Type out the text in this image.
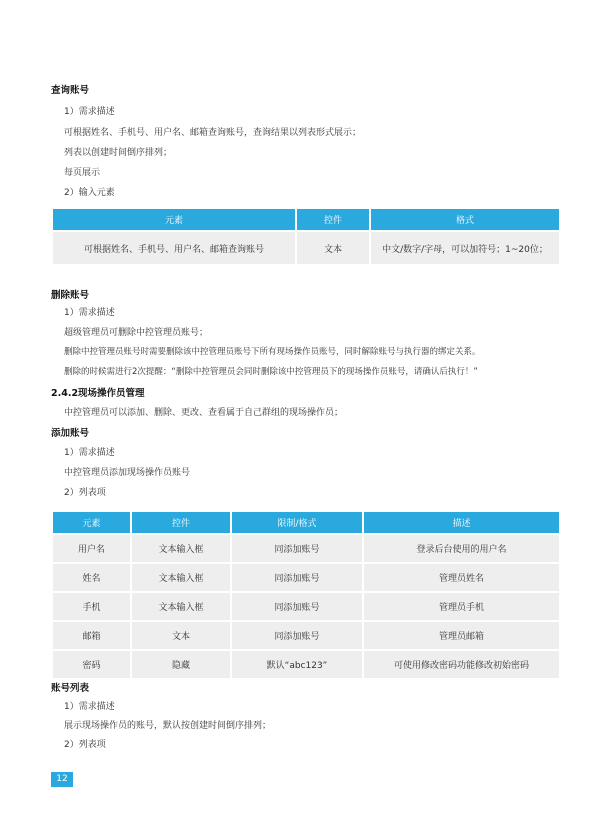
查询账号
1）需求描述
可根据姓名、手机号、用户名、邮箱查询账号，查询结果以列表形式展示；
列表以创建时间倒序排列；
每页展示
2）输入元素
元素	控件	格式
可根据姓名、手机号、用户名、邮箱查询账号	文本	中文/数字/字母，可以加符号；1~20位；
删除账号
1）需求描述
超级管理员可删除中控管理员账号；
删除中控管理员账号时需要删除该中控管理员账号下所有现场操作员账号，同时解除账号与执行器的绑定关系。
删除的时候需进行2次提醒：“删除中控管理员会同时删除该中控管理员下的现场操作员账号，请确认后执行！”
2.4.2现场操作员管理
中控管理员可以添加、删除、更改、查看属于自己群组的现场操作员；
添加账号
1）需求描述
中控管理员添加现场操作员账号
2）列表项
元素	控件	限制/格式	描述
用户名	文本输入框	同添加账号	登录后台使用的用户名
姓名	文本输入框	同添加账号	管理员姓名
手机	文本输入框	同添加账号	管理员手机
邮箱	文本	同添加账号	管理员邮箱
密码	隐藏	默认“abc123”	可使用修改密码功能修改初始密码
账号列表
1）需求描述
展示现场操作员的账号，默认按创建时间倒序排列；
2）列表项
12
